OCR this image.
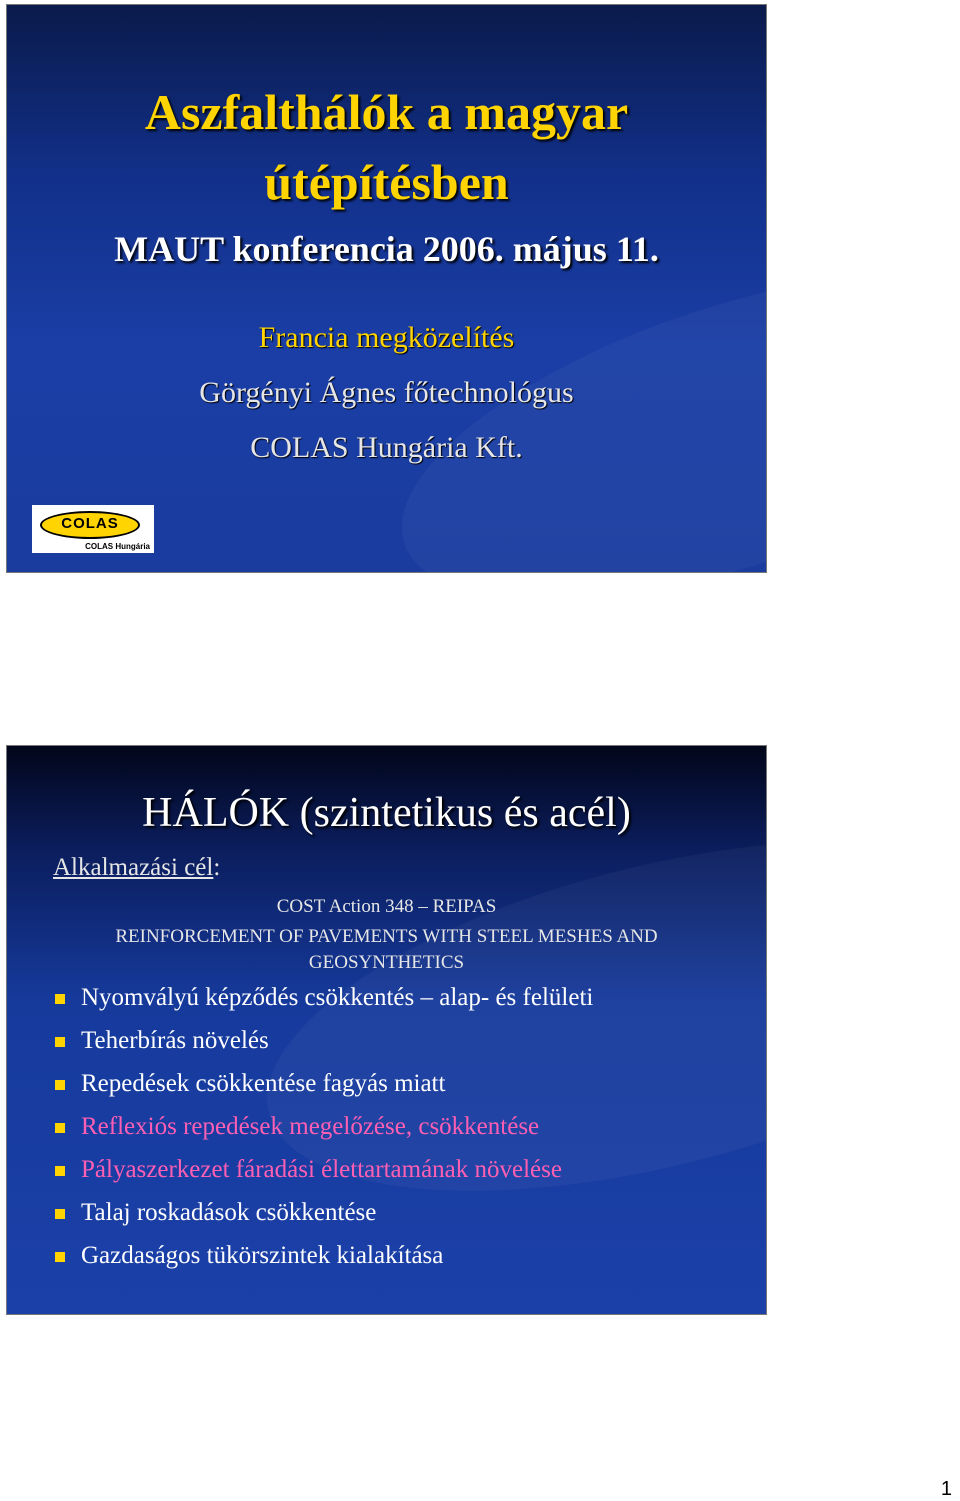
Aszfalthálók a magyar
útépítésben
MAUT konferencia 2006. május 11.
Francia megközelítés
Görgényi Ágnes főtechnológus
COLAS Hungária Kft.
COLAS
COLAS Hungária
HÁLÓK (szintetikus és acél)
Alkalmazási cél:
COST Action 348 – REIPAS
REINFORCEMENT OF PAVEMENTS WITH STEEL MESHES AND
GEOSYNTHETICS
Nyomvályú képződés csökkentés – alap- és felületi
Teherbírás növelés
Repedések csökkentése fagyás miatt
Reflexiós repedések megelőzése, csökkentése
Pályaszerkezet fáradási élettartamának növelése
Talaj roskadások csökkentése
Gazdaságos tükörszintek kialakítása
1
